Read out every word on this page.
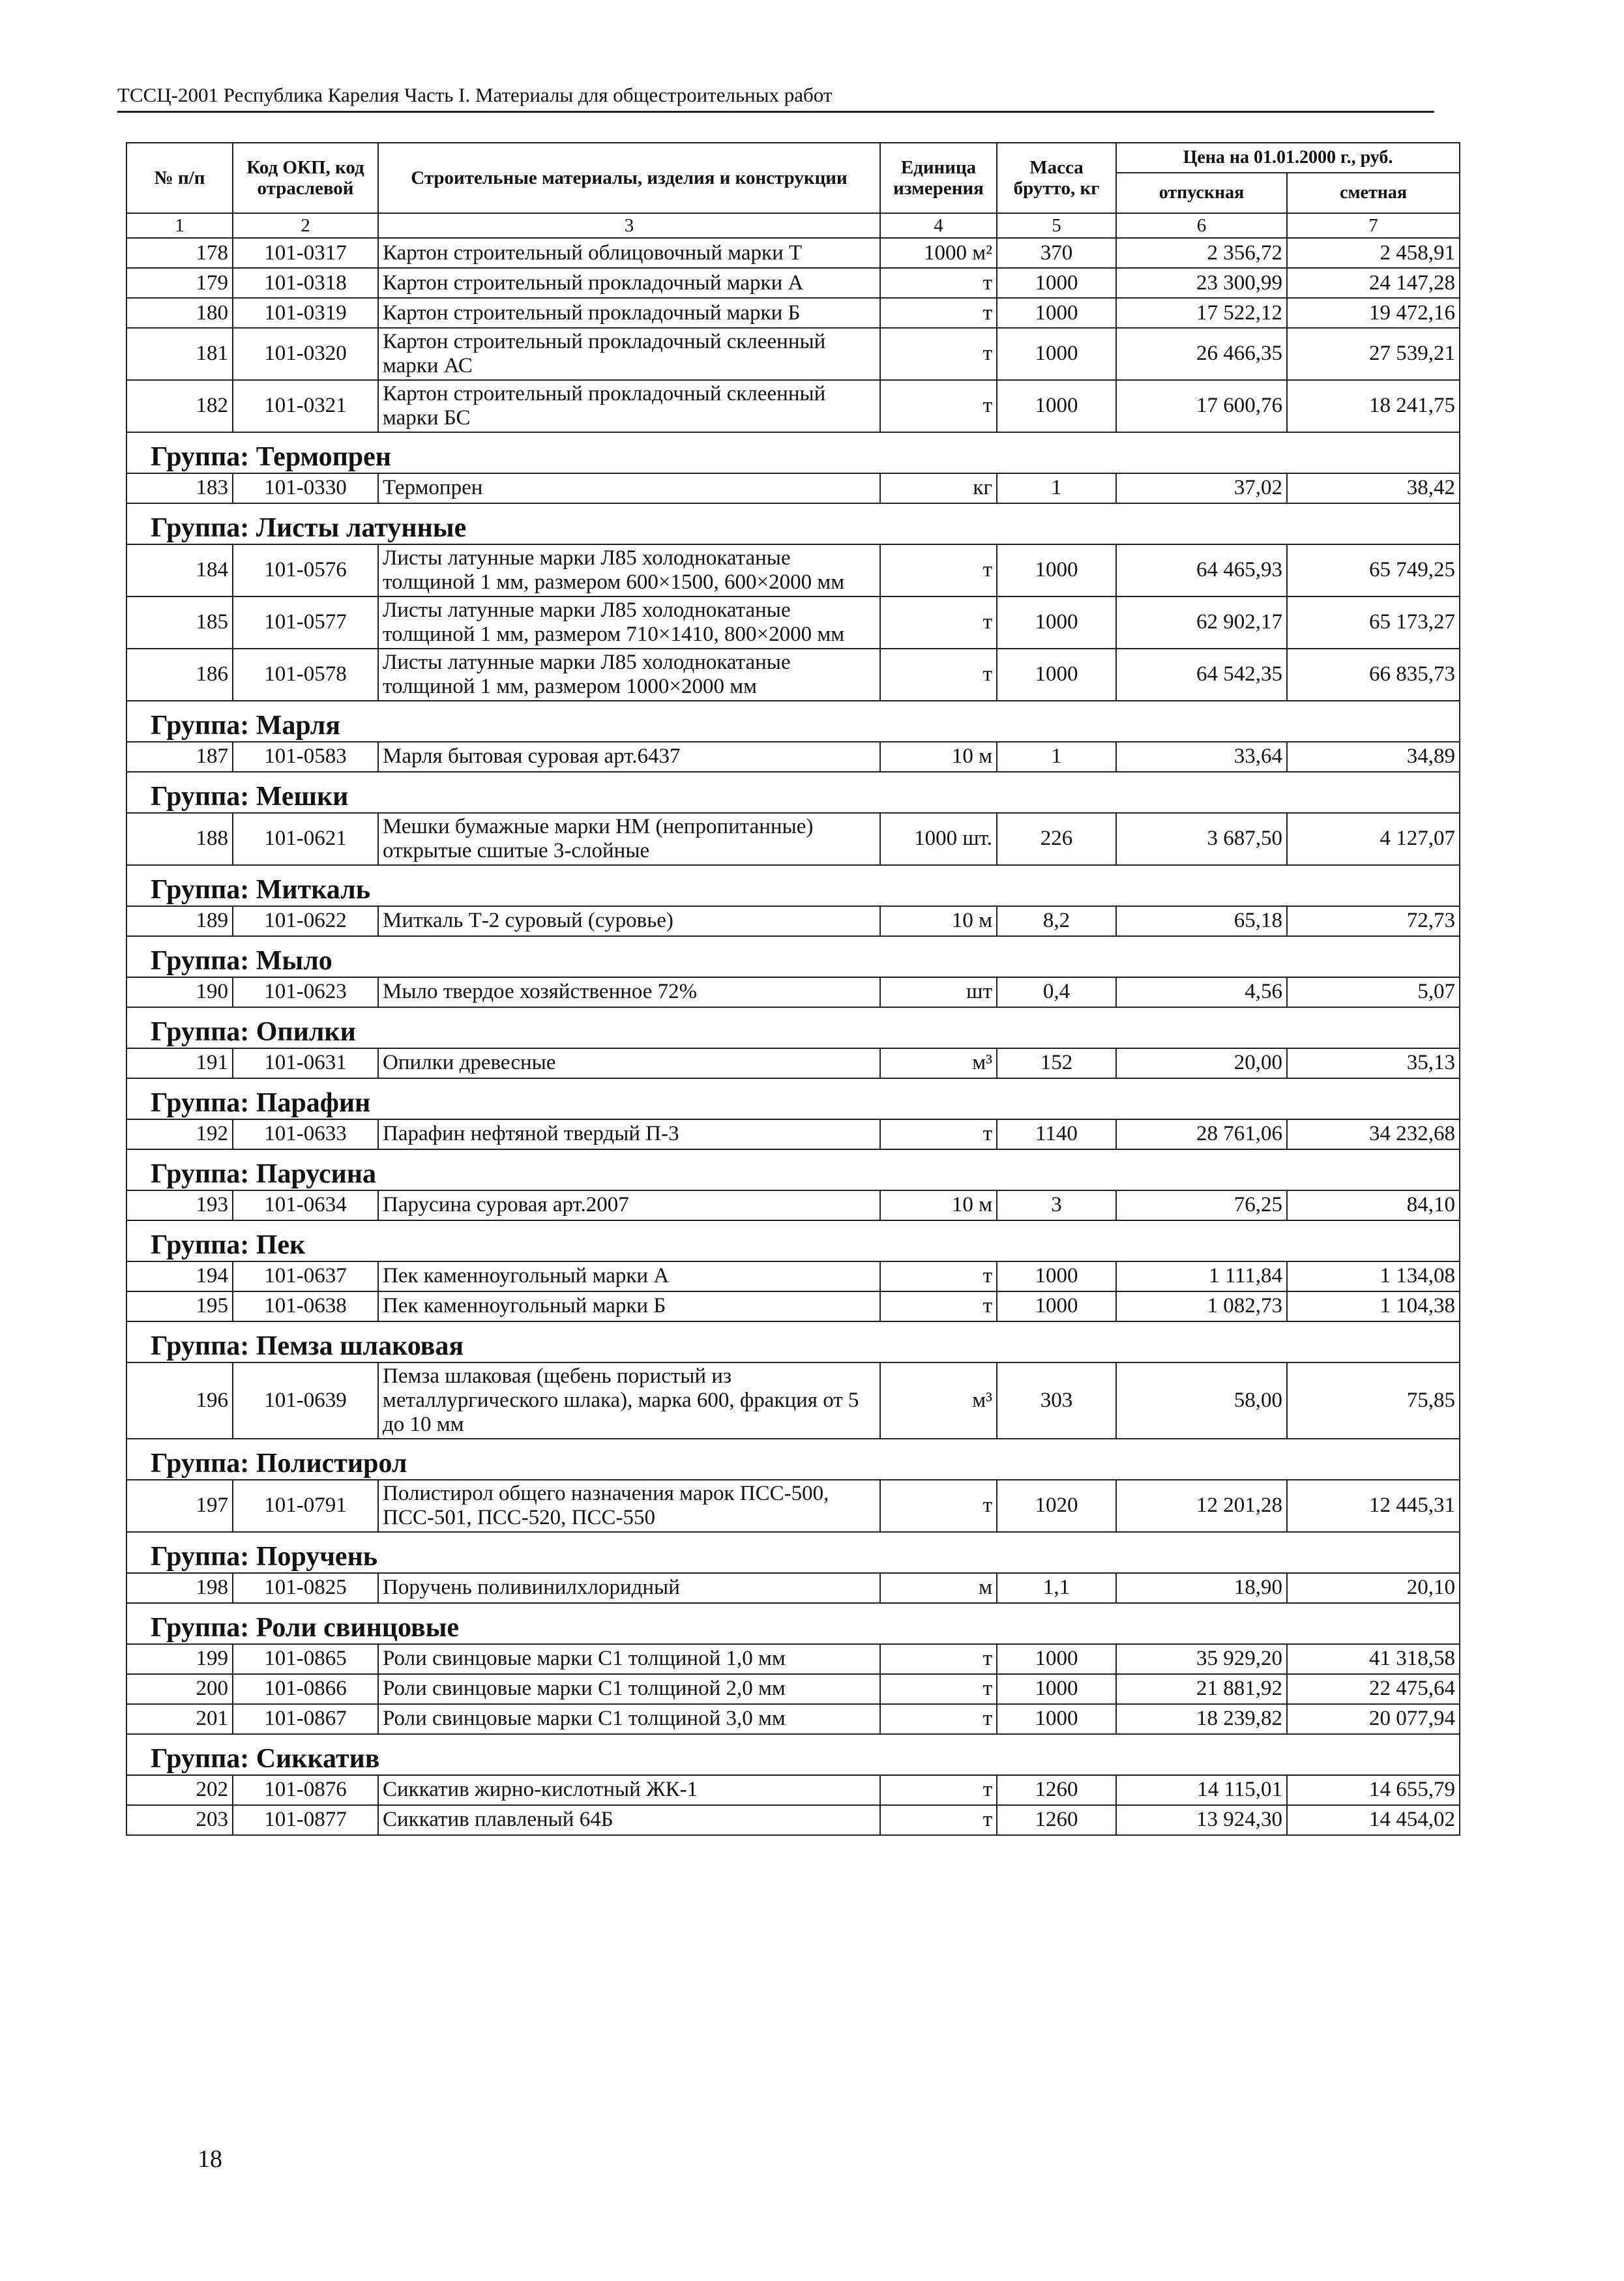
ТССЦ-2001 Республика Карелия Часть I. Материалы для общестроительных работ
№ п/п	Код ОКП, код отраслевой	Строительные материалы, изделия и конструкции	Единица измерения	Масса брутто, кг	Цена на 01.01.2000 г., руб.	
					отпускная	сметная
1	2	3	4	5	6	7
178	101-0317	Картон строительный облицовочный марки Т	1000 м²	370	2 356,72	2 458,91
179	101-0318	Картон строительный прокладочный марки А	т	1000	23 300,99	24 147,28
180	101-0319	Картон строительный прокладочный марки Б	т	1000	17 522,12	19 472,16
181	101-0320	Картон строительный прокладочный склеенный марки АС	т	1000	26 466,35	27 539,21
182	101-0321	Картон строительный прокладочный склеенный марки БС	т	1000	17 600,76	18 241,75
Группа: Термопрен						
183	101-0330	Термопрен	кг	1	37,02	38,42
Группа: Листы латунные						
184	101-0576	Листы латунные марки Л85 холоднокатаные толщиной 1 мм, размером 600×1500, 600×2000 мм	т	1000	64 465,93	65 749,25
185	101-0577	Листы латунные марки Л85 холоднокатаные толщиной 1 мм, размером 710×1410, 800×2000 мм	т	1000	62 902,17	65 173,27
186	101-0578	Листы латунные марки Л85 холоднокатаные толщиной 1 мм, размером 1000×2000 мм	т	1000	64 542,35	66 835,73
Группа: Марля						
187	101-0583	Марля бытовая суровая арт.6437	10 м	1	33,64	34,89
Группа: Мешки						
188	101-0621	Мешки бумажные марки НМ (непропитанные) открытые сшитые 3-слойные	1000 шт.	226	3 687,50	4 127,07
Группа: Миткаль						
189	101-0622	Миткаль Т-2 суровый (суровье)	10 м	8,2	65,18	72,73
Группа: Мыло						
190	101-0623	Мыло твердое хозяйственное 72%	шт	0,4	4,56	5,07
Группа: Опилки						
191	101-0631	Опилки древесные	м³	152	20,00	35,13
Группа: Парафин						
192	101-0633	Парафин нефтяной твердый П-3	т	1140	28 761,06	34 232,68
Группа: Парусина						
193	101-0634	Парусина суровая арт.2007	10 м	3	76,25	84,10
Группа: Пек						
194	101-0637	Пек каменноугольный марки А	т	1000	1 111,84	1 134,08
195	101-0638	Пек каменноугольный марки Б	т	1000	1 082,73	1 104,38
Группа: Пемза шлаковая						
196	101-0639	Пемза шлаковая (щебень пористый из металлургического шлака), марка 600, фракция от 5 до 10 мм	м³	303	58,00	75,85
Группа: Полистирол						
197	101-0791	Полистирол общего назначения марок ПСС-500, ПСС-501, ПСС-520, ПСС-550	т	1020	12 201,28	12 445,31
Группа: Поручень						
198	101-0825	Поручень поливинилхлоридный	м	1,1	18,90	20,10
Группа: Роли свинцовые						
199	101-0865	Роли свинцовые марки С1 толщиной 1,0 мм	т	1000	35 929,20	41 318,58
200	101-0866	Роли свинцовые марки С1 толщиной 2,0 мм	т	1000	21 881,92	22 475,64
201	101-0867	Роли свинцовые марки С1 толщиной 3,0 мм	т	1000	18 239,82	20 077,94
Группа: Сиккатив						
202	101-0876	Сиккатив жирно-кислотный ЖК-1	т	1260	14 115,01	14 655,79
203	101-0877	Сиккатив плавленый 64Б	т	1260	13 924,30	14 454,02
18
